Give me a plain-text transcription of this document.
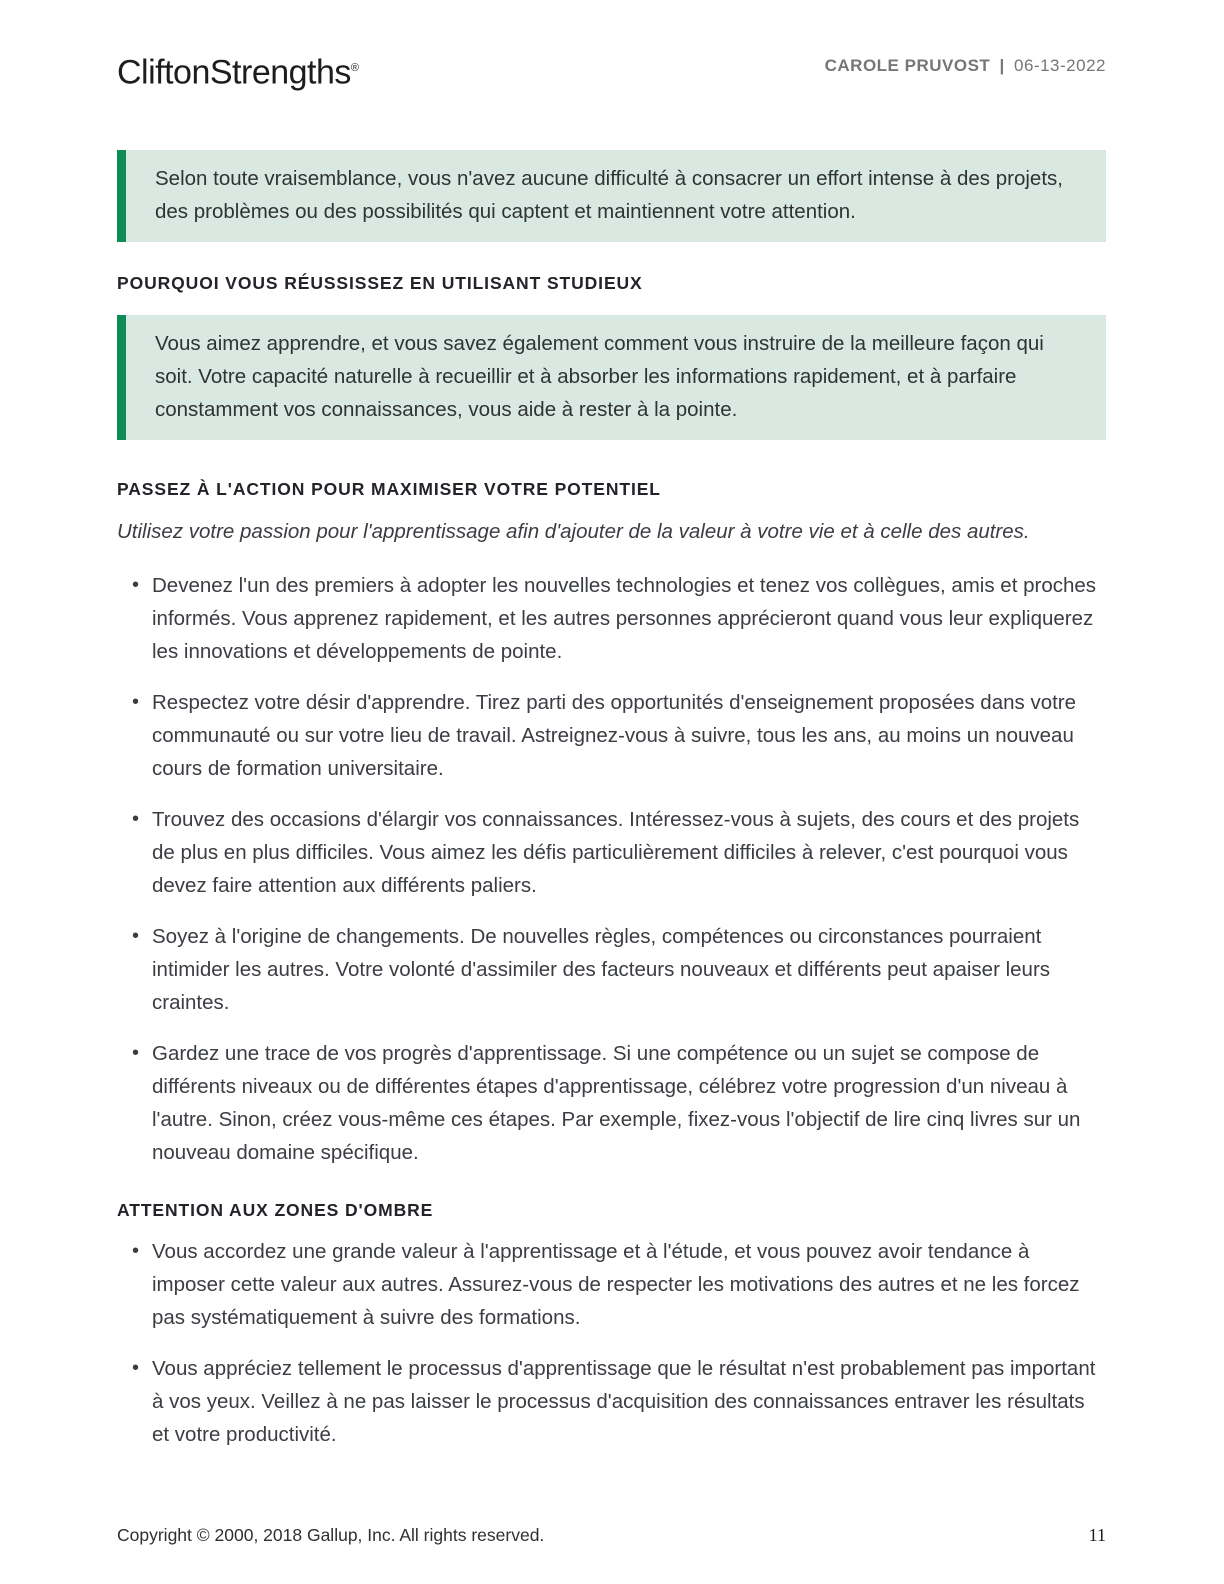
CliftonStrengths®	CAROLE PRUVOST | 06-13-2022
Selon toute vraisemblance, vous n'avez aucune difficulté à consacrer un effort intense à des projets, des problèmes ou des possibilités qui captent et maintiennent votre attention.
POURQUOI VOUS RÉUSSISSEZ EN UTILISANT STUDIEUX
Vous aimez apprendre, et vous savez également comment vous instruire de la meilleure façon qui soit. Votre capacité naturelle à recueillir et à absorber les informations rapidement, et à parfaire constamment vos connaissances, vous aide à rester à la pointe.
PASSEZ À L'ACTION POUR MAXIMISER VOTRE POTENTIEL

Utilisez votre passion pour l'apprentissage afin d'ajouter de la valeur à votre vie et à celle des autres.

• Devenez l'un des premiers à adopter les nouvelles technologies et tenez vos collègues, amis et proches informés. Vous apprenez rapidement, et les autres personnes apprécieront quand vous leur expliquerez les innovations et développements de pointe.
• Respectez votre désir d'apprendre. Tirez parti des opportunités d'enseignement proposées dans votre communauté ou sur votre lieu de travail. Astreignez-vous à suivre, tous les ans, au moins un nouveau cours de formation universitaire.
• Trouvez des occasions d'élargir vos connaissances. Intéressez-vous à sujets, des cours et des projets de plus en plus difficiles. Vous aimez les défis particulièrement difficiles à relever, c'est pourquoi vous devez faire attention aux différents paliers.
• Soyez à l'origine de changements. De nouvelles règles, compétences ou circonstances pourraient intimider les autres. Votre volonté d'assimiler des facteurs nouveaux et différents peut apaiser leurs craintes.
• Gardez une trace de vos progrès d'apprentissage. Si une compétence ou un sujet se compose de différents niveaux ou de différentes étapes d'apprentissage, célébrez votre progression d'un niveau à l'autre. Sinon, créez vous-même ces étapes. Par exemple, fixez-vous l'objectif de lire cinq livres sur un nouveau domaine spécifique.
ATTENTION AUX ZONES D'OMBRE
• Vous accordez une grande valeur à l'apprentissage et à l'étude, et vous pouvez avoir tendance à imposer cette valeur aux autres. Assurez-vous de respecter les motivations des autres et ne les forcez pas systématiquement à suivre des formations.
• Vous appréciez tellement le processus d'apprentissage que le résultat n'est probablement pas important à vos yeux. Veillez à ne pas laisser le processus d'acquisition des connaissances entraver les résultats et votre productivité.
Copyright © 2000, 2018 Gallup, Inc. All rights reserved.	11
